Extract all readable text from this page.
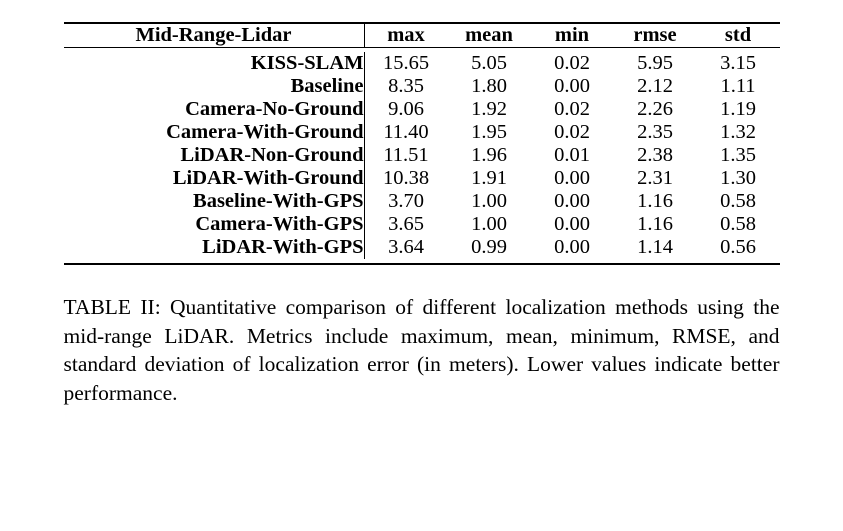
Mid-Range-Lidar	max	mean	min	rmse	std

KISS-SLAM	15.65	5.05	0.02	5.95	3.15
Baseline	8.35	1.80	0.00	2.12	1.11
Camera-No-Ground	9.06	1.92	0.02	2.26	1.19
Camera-With-Ground	11.40	1.95	0.02	2.35	1.32
LiDAR-Non-Ground	11.51	1.96	0.01	2.38	1.35
LiDAR-With-Ground	10.38	1.91	0.00	2.31	1.30
Baseline-With-GPS	3.70	1.00	0.00	1.16	0.58
Camera-With-GPS	3.65	1.00	0.00	1.16	0.58
LiDAR-With-GPS	3.64	0.99	0.00	1.14	0.56

TABLE II: Quantitative comparison of different localization methods using the mid-range LiDAR. Metrics include maximum, mean, minimum, RMSE, and standard deviation of localization error (in meters). Lower values indicate better performance.
